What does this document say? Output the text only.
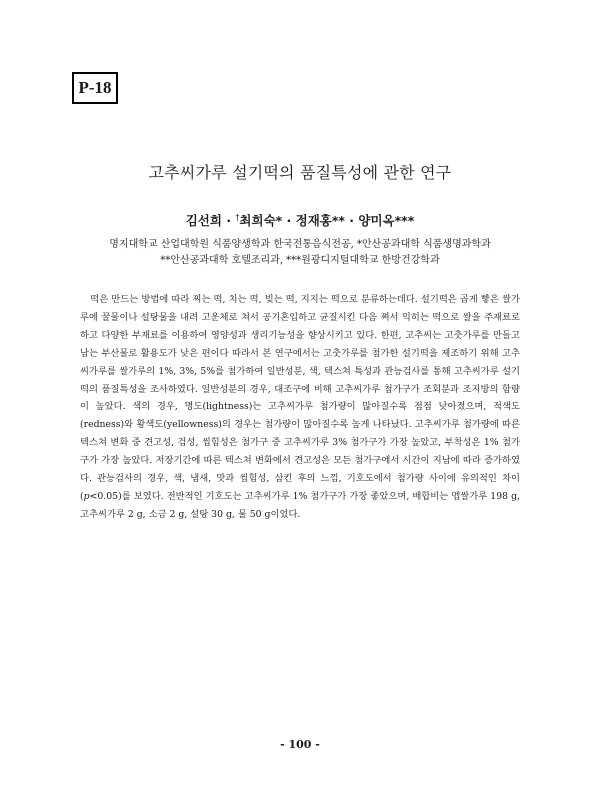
P-18
고추씨가루 설기떡의 품질특성에 관한 연구
김선희 · †최희숙* · 정재홍** · 양미옥***
명지대학교 산업대학원 식품양생학과 한국전통음식전공, *안산공과대학 식품생명과학과
**안산공과대학 호텔조리과, ***원광디지털대학교 한방건강학과

떡은 만드는 방법에 따라 찌는 떡, 치는 떡, 빚는 떡, 지지는 떡으로 분류하는데다. 설기떡은 곱게 빻은 쌀가루에 꿀물이나 설탕물을 내려 고운체로 쳐서 공기혼입하고 균질시킨 다음 쪄서 익히는 떡으로 쌀을 주재료로 하고 다양한 부재료를 이용하여 영양성과 생리기능성을 향상시키고 있다. 한편, 고추씨는 고춧가루를 만들고 남는 부산물로 활용도가 낮은 편이다 따라서 본 연구에서는 고춧가루를 첨가한 설기떡을 제조하기 위해 고추씨가루를 쌀가루의 1%, 3%, 5%를 첨가하여 일반성분, 색, 텍스쳐 특성과 관능검사를 통해 고추씨가루 설기떡의 품질특성을 조사하였다. 일반성분의 경우, 대조구에 비해 고추씨가루 첨가구가 조회분과 조지방의 함량이 높았다. 색의 경우, 명도(lightness)는 고추씨가루 첨가량이 많아질수록 점점 낮아졌으며, 적색도(redness)와 황색도(yellowness)의 경우는 첨가량이 많아질수록 높게 나타났다. 고추씨가루 첨가량에 따른 텍스쳐 변화 중 견고성, 검성, 씹힘성은 첨가구 중 고추씨가루 3% 첨가구가 가장 높았고, 부착성은 1% 첨가구가 가장 높았다. 저장기간에 따른 텍스쳐 변화에서 견고성은 모든 첨가구에서 시간이 지남에 따라 증가하였다. 관능검사의 경우, 색, 냄새, 맛과 씹힘성, 삼킨 후의 느낌, 기호도에서 첨가량 사이에 유의적인 차이(p<0.05)를 보였다. 전반적인 기호도는 고추씨가루 1% 첨가구가 가장 좋았으며, 배합비는 멥쌀가루 198 g, 고추씨가루 2 g, 소금 2 g, 설탕 30 g, 물 50 g이었다.

- 100 -
